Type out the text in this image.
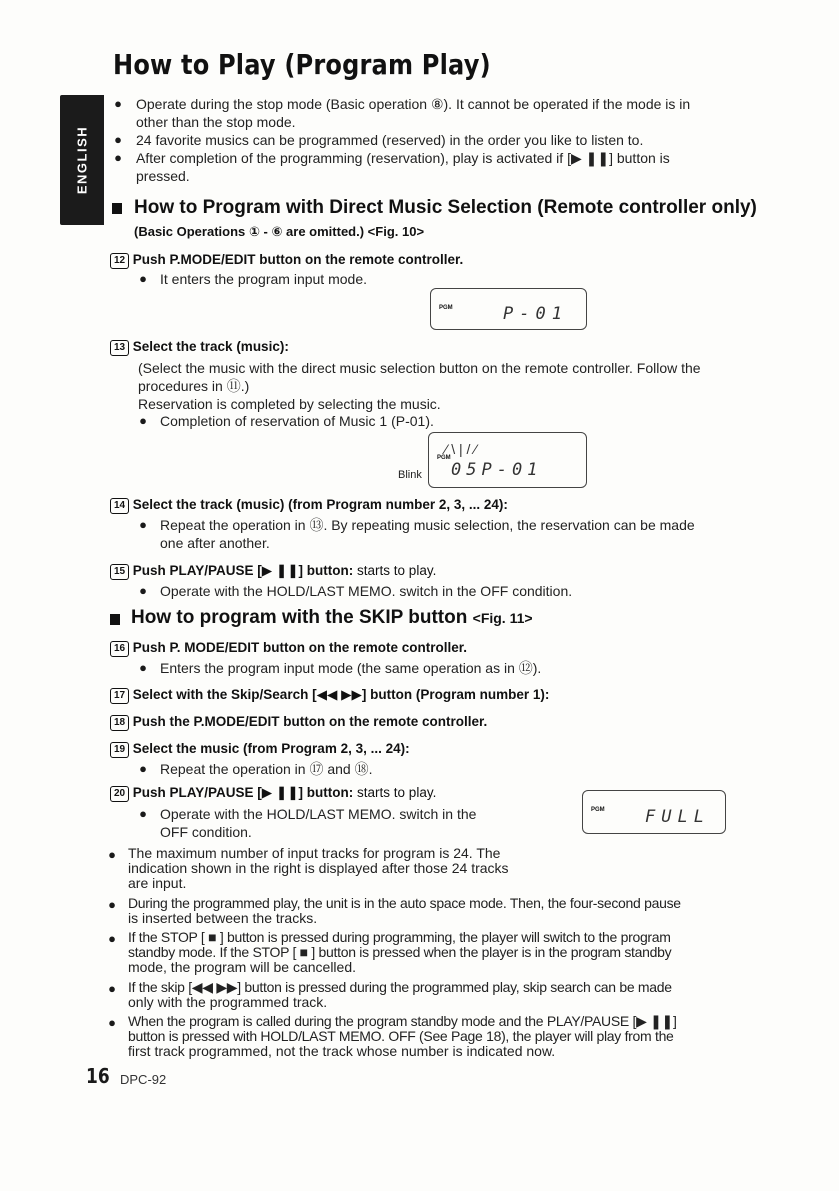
How to Play (Program Play)
ENGLISH
● Operate during the stop mode (Basic operation ⑧). It cannot be operated if the mode is in
other than the stop mode.
● 24 favorite musics can be programmed (reserved) in the order you like to listen to.
● After completion of the programming (reservation), play is activated if [▶ ❚❚] button is
pressed.
How to Program with Direct Music Selection (Remote controller only)
(Basic Operations ① - ⑥ are omitted.) <Fig. 10>
12 Push P.MODE/EDIT button on the remote controller.
● It enters the program input mode.
PGM	P-01
13 Select the track (music):
(Select the music with the direct music selection button on the remote controller. Follow the
procedures in ⑪.)
Reservation is completed by selecting the music.
● Completion of reservation of Music 1 (P-01).
Blink
PGM
⁄ \ | / ⁄
05P-01
14 Select the track (music) (from Program number 2, 3, ... 24):
● Repeat the operation in ⑬. By repeating music selection, the reservation can be made
one after another.
15 Push PLAY/PAUSE [▶ ❚❚] button: starts to play.
● Operate with the HOLD/LAST MEMO. switch in the OFF condition.
How to program with the SKIP button <Fig. 11>
16 Push P. MODE/EDIT button on the remote controller.
● Enters the program input mode (the same operation as in ⑫).
17 Select with the Skip/Search [◀◀ ▶▶] button (Program number 1):
18 Push the P.MODE/EDIT button on the remote controller.
19 Select the music (from Program 2, 3, ... 24):
● Repeat the operation in ⑰ and ⑱.
20 Push PLAY/PAUSE [▶ ❚❚] button: starts to play.
● Operate with the HOLD/LAST MEMO. switch in the
OFF condition.
PGM FULL
● The maximum number of input tracks for program is 24. The
indication shown in the right is displayed after those 24 tracks
are input.
● During the programmed play, the unit is in the auto space mode. Then, the four-second pause
is inserted between the tracks.
● If the STOP [ ■ ] button is pressed during programming, the player will switch to the program
standby mode. If the STOP [ ■ ] button is pressed when the player is in the program standby
mode, the program will be cancelled.
● If the skip [◀◀ ▶▶] button is pressed during the programmed play, skip search can be made
only with the programmed track.
● When the program is called during the program standby mode and the PLAY/PAUSE [▶ ❚❚]
button is pressed with HOLD/LAST MEMO. OFF (See Page 18), the player will play from the
first track programmed, not the track whose number is indicated now.
16 DPC-92
